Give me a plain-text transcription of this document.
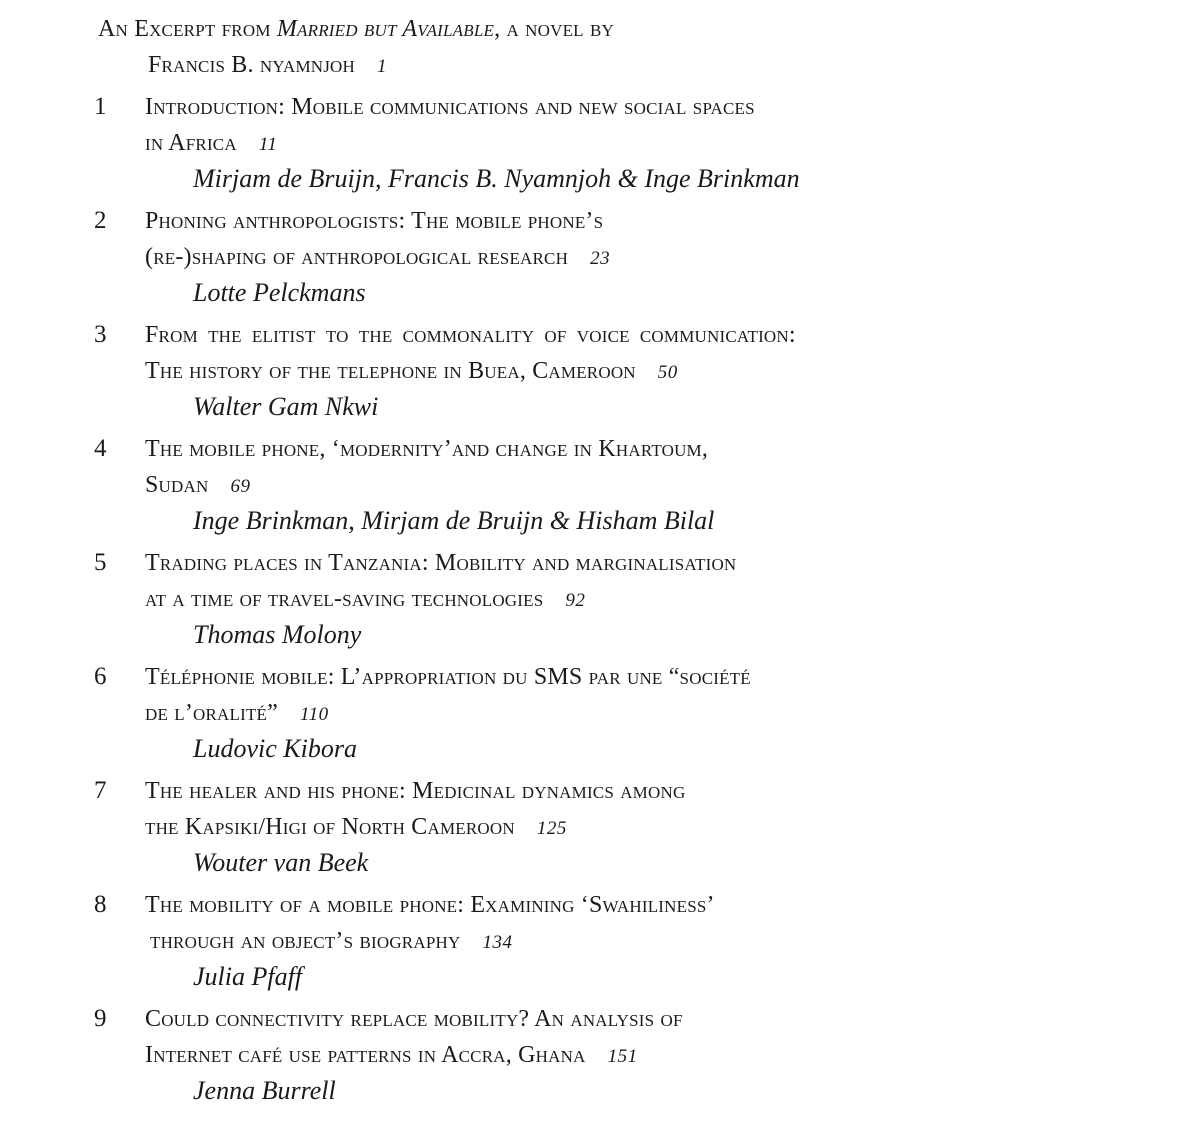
An Excerpt from Married but Available, a novel by
Francis B. nyamnjoh 1
1 Introduction: Mobile communications and new social spaces
in Africa 11
Mirjam de Bruijn, Francis B. Nyamnjoh & Inge Brinkman
2 Phoning anthropologists: The mobile phone’s
(re-)shaping of anthropological research 23
Lotte Pelckmans
3 From the elitist to the commonality of voice communication:
The history of the telephone in Buea, Cameroon 50
Walter Gam Nkwi
4 The mobile phone, ‘modernity’and change in Khartoum,
Sudan 69
Inge Brinkman, Mirjam de Bruijn & Hisham Bilal
5 Trading places in Tanzania: Mobility and marginalisation
at a time of travel-saving technologies 92
Thomas Molony
6 Téléphonie mobile: L’appropriation du SMS par une “société
de l’oralité” 110
Ludovic Kibora
7 The healer and his phone: Medicinal dynamics among
the Kapsiki/Higi of North Cameroon 125
Wouter van Beek
8 The mobility of a mobile phone: Examining ‘Swahiliness’
through an object’s biography 134
Julia Pfaff
9 Could connectivity replace mobility? An analysis of
Internet café use patterns in Accra, Ghana 151
Jenna Burrell
